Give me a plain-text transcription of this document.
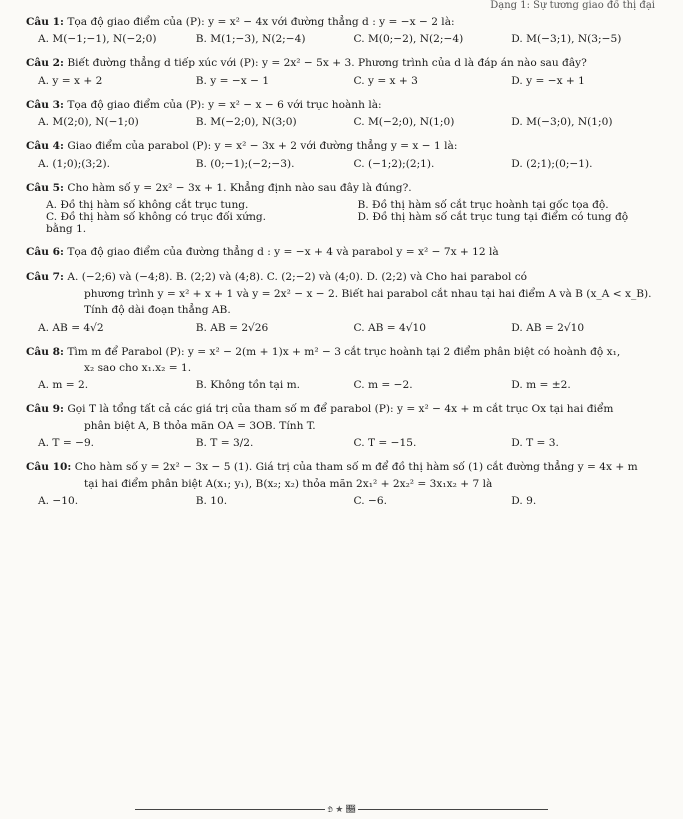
Dạng 1: Sự tương giao đồ thị đại
Câu 1: Tọa độ giao điểm của (P): y = x² − 4x với đường thẳng d : y = −x − 2 là:
A. M(−1;−1), N(−2;0)	B. M(1;−3), N(2;−4)	C. M(0;−2), N(2;−4)	D. M(−3;1), N(3;−5)
Câu 2: Biết đường thẳng d tiếp xúc với (P): y = 2x² − 5x + 3. Phương trình của d là đáp án nào sau đây?
A. y = x + 2	B. y = −x − 1	C. y = x + 3	D. y = −x + 1
Câu 3: Tọa độ giao điểm của (P): y = x² − x − 6 với trục hoành là:
A. M(2;0), N(−1;0)	B. M(−2;0), N(3;0)	C. M(−2;0), N(1;0)	D. M(−3;0), N(1;0)
Câu 4: Giao điểm của parabol (P): y = x² − 3x + 2 với đường thẳng y = x − 1 là:
A. (1;0);(3;2).	B. (0;−1);(−2;−3).	C. (−1;2);(2;1).	D. (2;1);(0;−1).
Câu 5: Cho hàm số y = 2x² − 3x + 1. Khẳng định nào sau đây là đúng?.
A. Đồ thị hàm số không cắt trục tung.	B. Đồ thị hàm số cắt trục hoành tại gốc tọa độ.
C. Đồ thị hàm số không có trục đối xứng.	D. Đồ thị hàm số cắt trục tung tại điểm có tung độ
bằng 1.
Câu 6: Tọa độ giao điểm của đường thẳng d : y = −x + 4 và parabol y = x² − 7x + 12 là
Câu 7: A. (−2;6) và (−4;8). B. (2;2) và (4;8). C. (2;−2) và (4;0). D. (2;2) và Cho hai parabol có
phương trình y = x² + x + 1 và y = 2x² − x − 2. Biết hai parabol cắt nhau tại hai điểm A và B (x_A < x_B).
Tính độ dài đoạn thẳng AB.
A. AB = 4√2	B. AB = 2√26	C. AB = 4√10	D. AB = 2√10
Câu 8: Tìm m để Parabol (P): y = x² − 2(m + 1)x + m² − 3 cắt trục hoành tại 2 điểm phân biệt có hoành độ x₁,
x₂ sao cho x₁.x₂ = 1.
A. m = 2.	B. Không tồn tại m.	C. m = −2.	D. m = ±2.
Câu 9: Gọi T là tổng tất cả các giá trị của tham số m để parabol (P): y = x² − 4x + m cắt trục Ox tại hai điểm
phân biệt A, B thỏa mãn OA = 3OB. Tính T.
A. T = −9.	B. T = 3/2.	C. T = −15.	D. T = 3.
Câu 10: Cho hàm số y = 2x² − 3x − 5 (1). Giá trị của tham số m để đồ thị hàm số (1) cắt đường thẳng y = 4x + m
tại hai điểm phân biệt A(x₁; y₁), B(x₂; x₂) thỏa mãn 2x₁² + 2x₂² = 3x₁x₂ + 7 là
A. −10.	B. 10.	C. −6.	D. 9.
𝔇 ★ 𝔆
